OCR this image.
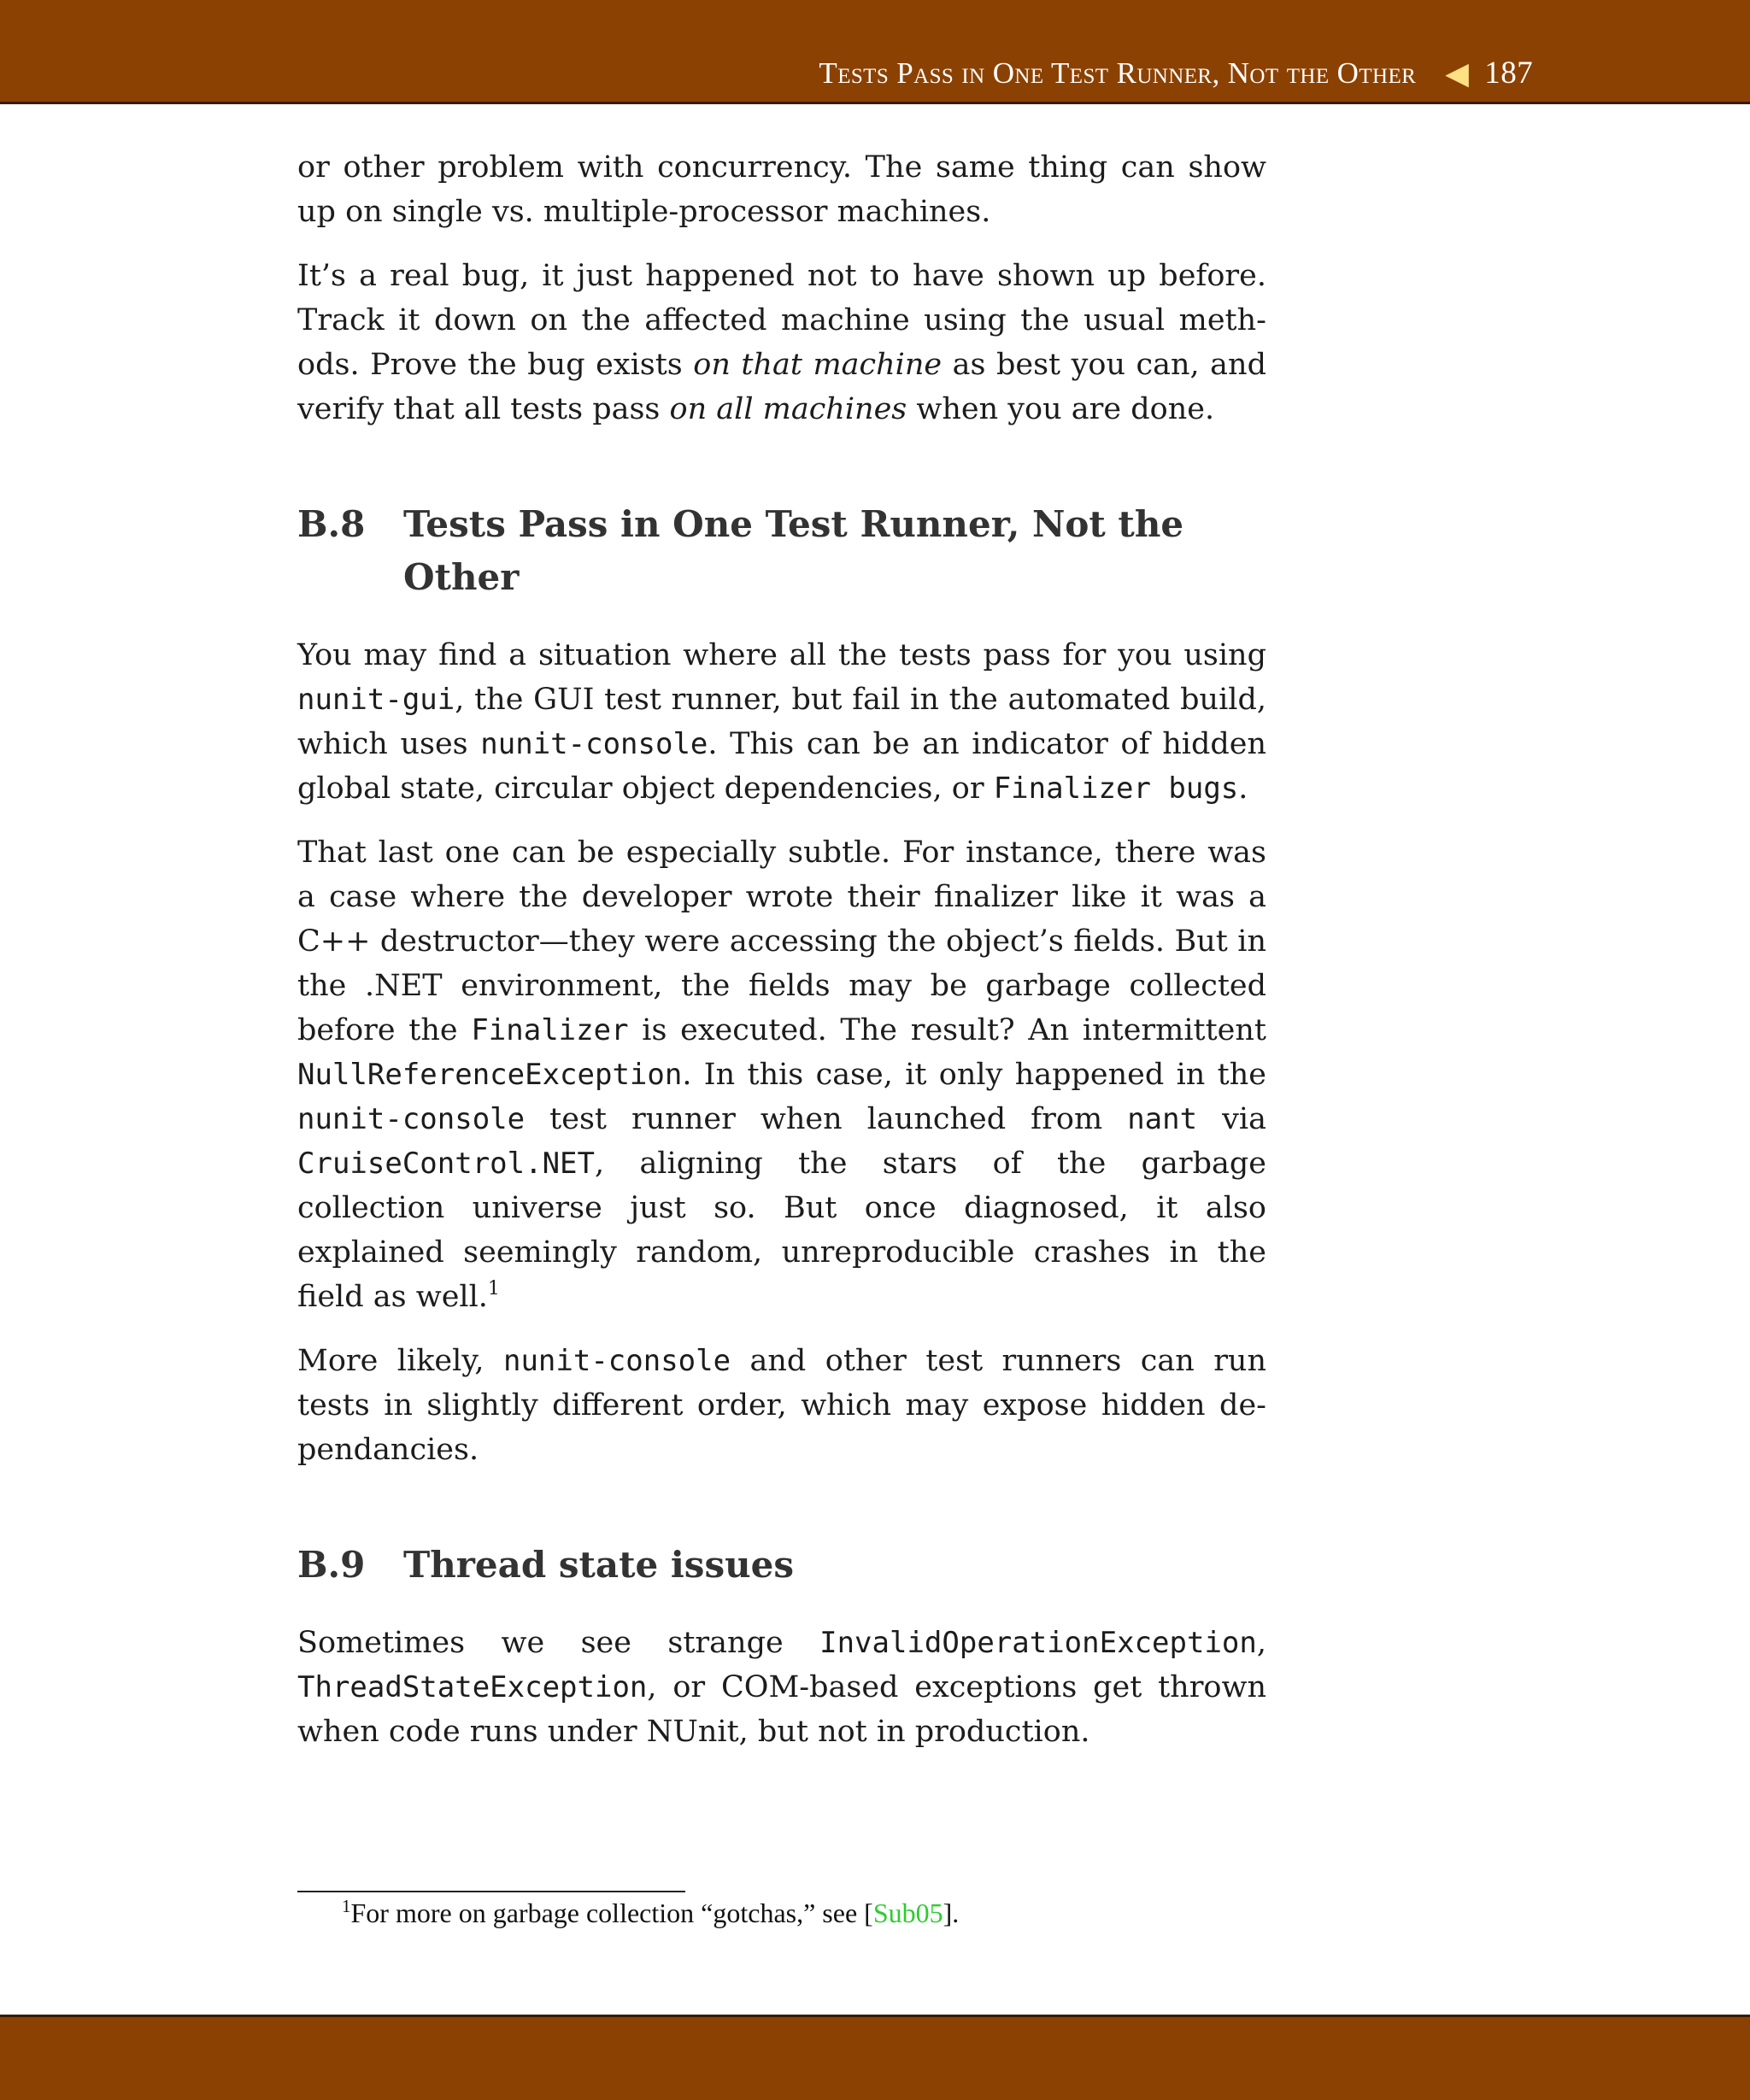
Tests Pass in One Test Runner, Not the Other ◀ 187

or other problem with concurrency. The same thing can show up on single vs. multiple-processor machines.

It’s a real bug, it just happened not to have shown up before. Track it down on the affected machine using the usual methods. Prove the bug exists on that machine as best you can, and verify that all tests pass on all machines when you are done.

B.8	Tests Pass in One Test Runner, Not the Other

You may find a situation where all the tests pass for you using nunit-gui, the GUI test runner, but fail in the automated build, which uses nunit-console. This can be an indicator of hidden global state, circular object dependencies, or Finalizer bugs.

That last one can be especially subtle. For instance, there was a case where the developer wrote their finalizer like it was a C++ destructor—they were accessing the object’s fields. But in the .NET environment, the fields may be garbage collected before the Finalizer is executed. The result? An intermittent NullReferenceException. In this case, it only happened in the nunit-console test runner when launched from nant via CruiseControl.NET, aligning the stars of the garbage collection universe just so. But once diagnosed, it also explained seemingly random, unreproducible crashes in the field as well.$^1$

More likely, nunit-console and other test runners can run tests in slightly different order, which may expose hidden dependancies.

B.9	Thread state issues

Sometimes we see strange InvalidOperationException, ThreadStateException, or COM-based exceptions get thrown when code runs under NUnit, but not in production.

$^1$For more on garbage collection “gotchas,” see [Sub05].
